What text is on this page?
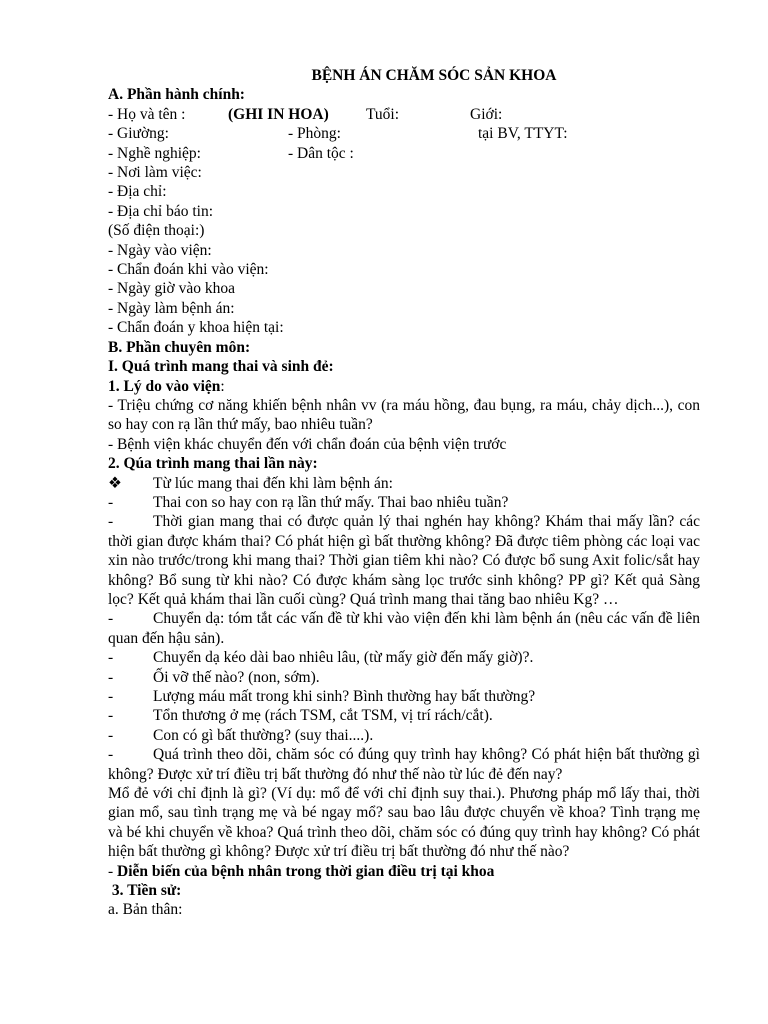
BỆNH ÁN CHĂM SÓC SẢN KHOA
A. Phần hành chính:
- Họ và tên :	(GHI IN HOA)	Tuổi:	Giới:
- Giường:	- Phòng:	tại BV, TTYT:
- Nghề nghiệp:	- Dân tộc :
- Nơi làm việc:
- Địa chỉ:
- Địa chỉ báo tin:
(Số điện thoại:)
- Ngày vào viện:
- Chẩn đoán khi vào viện:
- Ngày giờ vào khoa
- Ngày làm bệnh án:
- Chẩn đoán y khoa hiện tại:
B. Phần chuyên môn:
I. Quá trình mang thai và sinh đẻ:
1. Lý do vào viện:
- Triệu chứng cơ năng khiến bệnh nhân vv (ra máu hồng, đau bụng, ra máu, chảy dịch...), con so hay con rạ lần thứ mấy, bao nhiêu tuần?
- Bệnh viện khác chuyển đến với chẩn đoán của bệnh viện trước
2. Qúa trình mang thai lần này:
❖ Từ lúc mang thai đến khi làm bệnh án:
-	Thai con so hay con rạ lần thứ mấy. Thai bao nhiêu tuần?
-	Thời gian mang thai có được quản lý thai nghén hay không? Khám thai mấy lần? các thời gian được khám thai? Có phát hiện gì bất thường không? Đã được tiêm phòng các loại vac xin nào trước/trong khi mang thai? Thời gian tiêm khi nào? Có được bổ sung Axit folic/sắt hay không? Bổ sung từ khi nào? Có được khám sàng lọc trước sinh không? PP gì? Kết quả Sàng lọc? Kết quả khám thai lần cuối cùng? Quá trình mang thai tăng bao nhiêu Kg? …
-	Chuyển dạ: tóm tắt các vấn đề từ khi vào viện đến khi làm bệnh án (nêu các vấn đề liên quan đến hậu sản).
-	Chuyển dạ kéo dài bao nhiêu lâu, (từ mấy giờ đến mấy giờ)?.
-	Ối vỡ thế nào? (non, sớm).
-	Lượng máu mất trong khi sinh? Bình thường hay bất thường?
-	Tổn thương ở mẹ (rách TSM, cắt TSM, vị trí rách/cắt).
-	Con có gì bất thường? (suy thai....).
-	Quá trình theo dõi, chăm sóc có đúng quy trình hay không? Có phát hiện bất thường gì không? Được xử trí điều trị bất thường đó như thế nào từ lúc đẻ đến nay?
Mổ đẻ với chỉ định là gì? (Ví dụ: mổ để với chỉ định suy thai.). Phương pháp mổ lấy thai, thời gian mổ, sau tình trạng mẹ và bé ngay mổ? sau bao lâu được chuyển về khoa? Tình trạng mẹ và bé khi chuyển về khoa? Quá trình theo dõi, chăm sóc có đúng quy trình hay không? Có phát hiện bất thường gì không? Được xử trí điều trị bất thường đó như thế nào?
- Diễn biến của bệnh nhân trong thời gian điều trị tại khoa
3. Tiền sử:
a. Bản thân:
